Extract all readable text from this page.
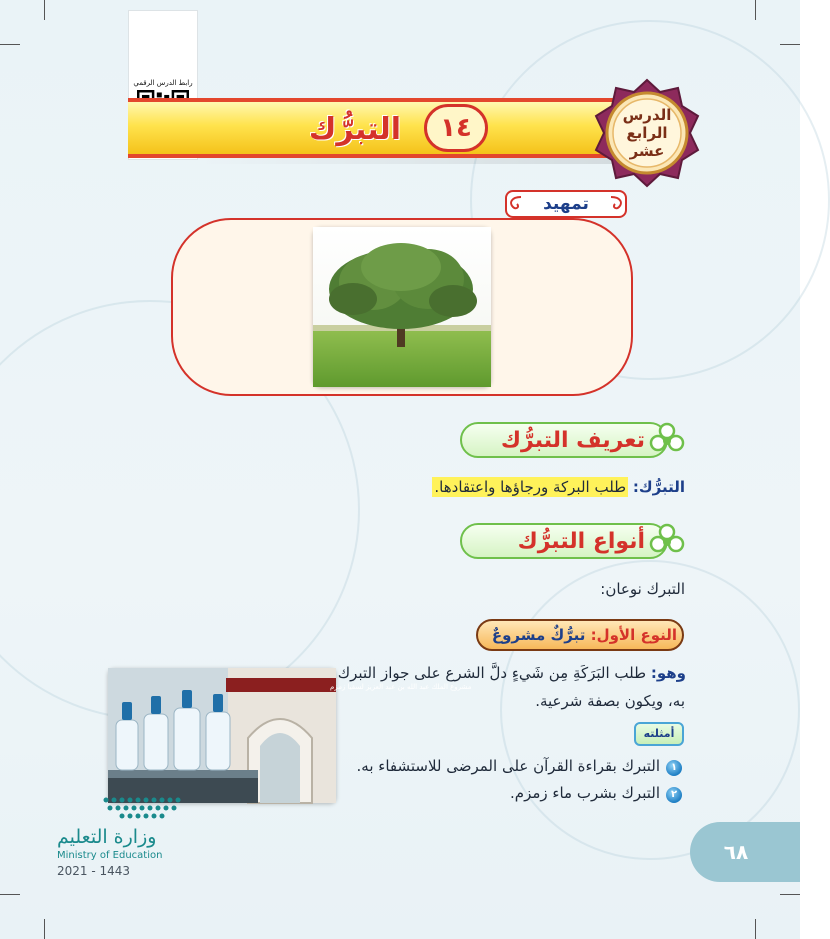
رابط الدرس الرقمي
التبرُّك	١٤	الدرس
الرابع
عشر
تمهيد
تعريف التبرُّك
التبرُّك: طلب البركة ورجاؤها واعتقادها.
أنواع التبرُّك
التبرك نوعان:
النوع الأول: تبرُّكٌ مشروعٌ
وهو: طلب البَرَكَةِ مِن شَيءٍ دلَّ الشرع على جواز التبرك
به، ويكون بصفة شرعية.
أمثلته
١
التبرك بقراءة القرآن على المرضى للاستشفاء به.
٢
التبرك بشرب ماء زمزم.
مشروع الملك عبد الله بن عبد العزيز لسقيا زمزم
وزارة التعليم
Ministry of Education
2021 - 1443
٦٨
